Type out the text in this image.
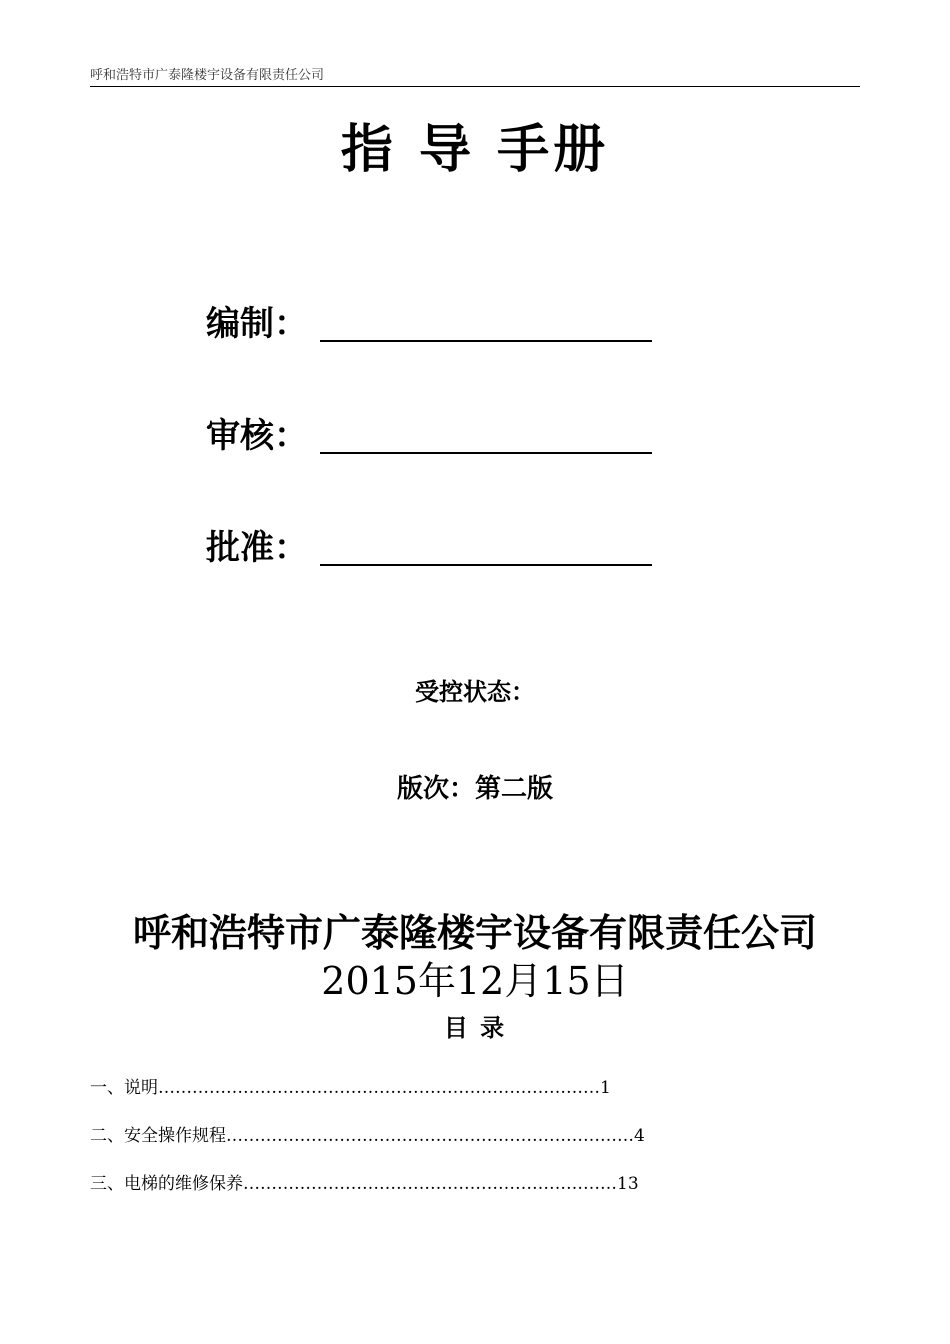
呼和浩特市广泰隆楼宇设备有限责任公司
指 导 手册
编制：
审核：
批准：
受控状态：
版次：第二版
呼和浩特市广泰隆楼宇设备有限责任公司
2015年12月15日
目 录
一、说明……………………………………………………………………1
二、安全操作规程………………………………………………………………4
三、电梯的维修保养…………………………………………………………13
